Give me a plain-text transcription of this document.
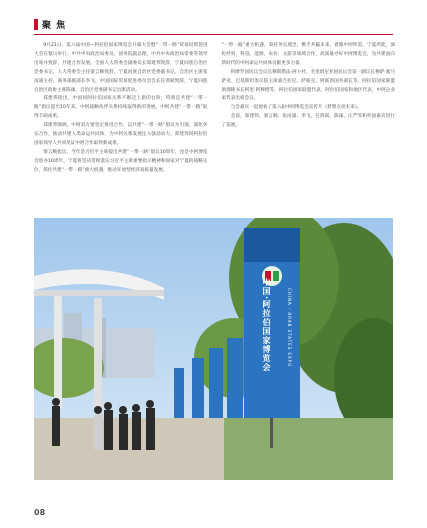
聚 焦

9月21日，第六届中国—阿拉伯国家博览会开幕大会暨“一带一路”贸易投资促进大会在银川举行。中共中央政治局委员、国务院副总理、中共中央政治局常委等领导出席并致辞，共建合作发展。全国人大常委会副委员长郑建邦致辞，宁夏回族自治区党委书记、人大常委会主任梁言顺致辞，宁夏回族自治区党委副书记、自治区主席张雨浦主持。商务部副部长李飞、中国国际贸易促进委员会会长任鸿斌致辞，宁夏回族自治区政协主席陈雍、自治区党委副书记出席活动。

郑建邦指出，中国同阿拉伯国家关系不断迈上新的台阶，特别是共建“一带一路”倡议提出10年来，中阿战略伙伴关系持续取得新的进展。中阿共建“一带一路”取得丰硕成果。

郑建邦强调，中阿双方要坚定推进合作，以共建“一带一路”倡议为引领，深化务实合作，推动共建人类命运共同体，为中阿关系发展注入强劲动力。郑建邦同阿拉伯国家领导人共同见证中阿合作取得新成果。

梁言顺指出，今年是习近平主席提出共建“一带一路”倡议10周年，也是中阿博览会创办10周年，宁夏将坚决贯彻落实习近平主席重要指示精神和国家对宁夏的战略定位，抓住共建“一带一路”重大机遇，推动开放型经济高质量发展。

“一带一路”重大机遇，秉持务实理念，携手共赢未来，着眼中阿所需，宁夏所能，深化经贸、科技、能源、农业、文旅等领域合作，高质量办好中阿博览会，为共建面向新时代的中阿命运共同体贡献更多力量。

科摩罗国民议会议长穆斯塔法·阿卜杜、毛里塔尼亚国民议会第一副议长穆萨·塞马萨亚、巴基斯坦参议院主席桑吉拉尼、萨迪克、阿联酋国务部长等，阿拉伯国家联盟助理秘书长阿里·阿穆德等，阿拉伯国家联盟代表，阿拉伯国家和地区代表，中阿企业家代表出席会议。

与会嘉宾一起观看了第六届中阿博览会宣传片《梦想点亮未来》。

会前，郑建邦、梁言顺、张雨浦、李飞、任鸿斌、陈雍、庄严等和外国嘉宾进行了巡展。

中国·阿拉伯国家博览会	CHINA · ARAB STATES EXPO
08
